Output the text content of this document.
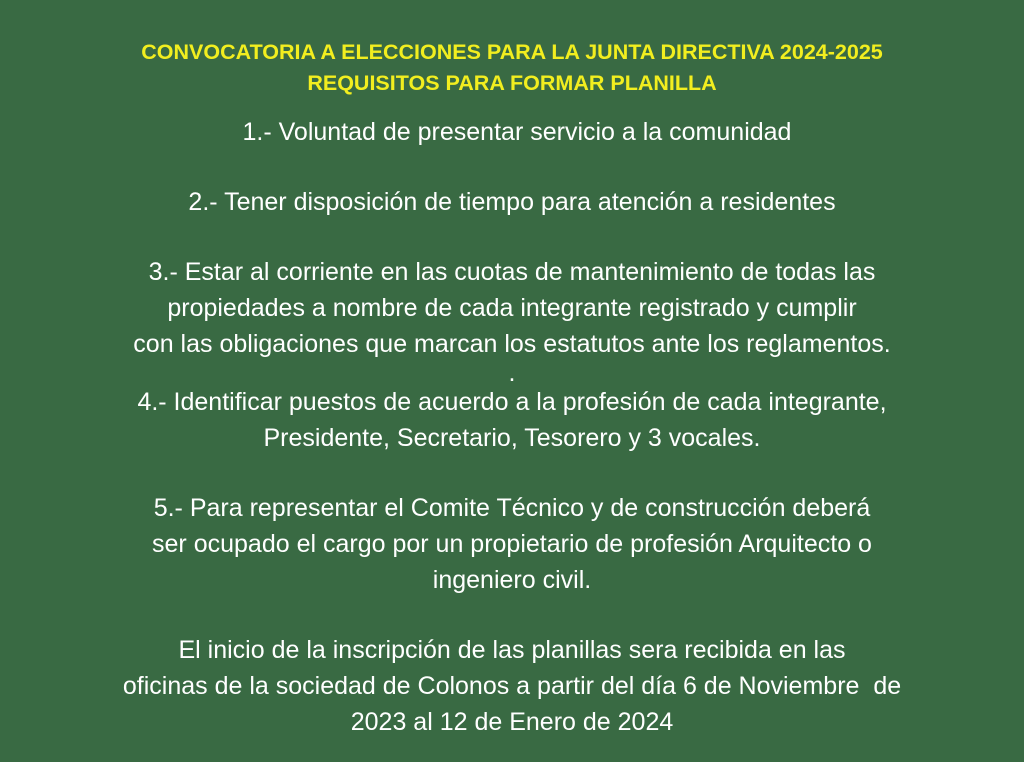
CONVOCATORIA A ELECCIONES PARA LA JUNTA DIRECTIVA 2024-2025
REQUISITOS PARA FORMAR PLANILLA
1.- Voluntad de presentar servicio a la comunidad
2.- Tener disposición de tiempo para atención a residentes
3.- Estar al corriente en las cuotas de mantenimiento de todas las
propiedades a nombre de cada integrante registrado y cumplir
con las obligaciones que marcan los estatutos ante los reglamentos.
.
4.- Identificar puestos de acuerdo a la profesión de cada integrante,
Presidente, Secretario, Tesorero y 3 vocales.
5.- Para representar el Comite Técnico y de construcción deberá
ser ocupado el cargo por un propietario de profesión Arquitecto o
ingeniero civil.
El inicio de la inscripción de las planillas sera recibida en las
oficinas de la sociedad de Colonos a partir del día 6 de Noviembre  de
2023 al 12 de Enero de 2024
